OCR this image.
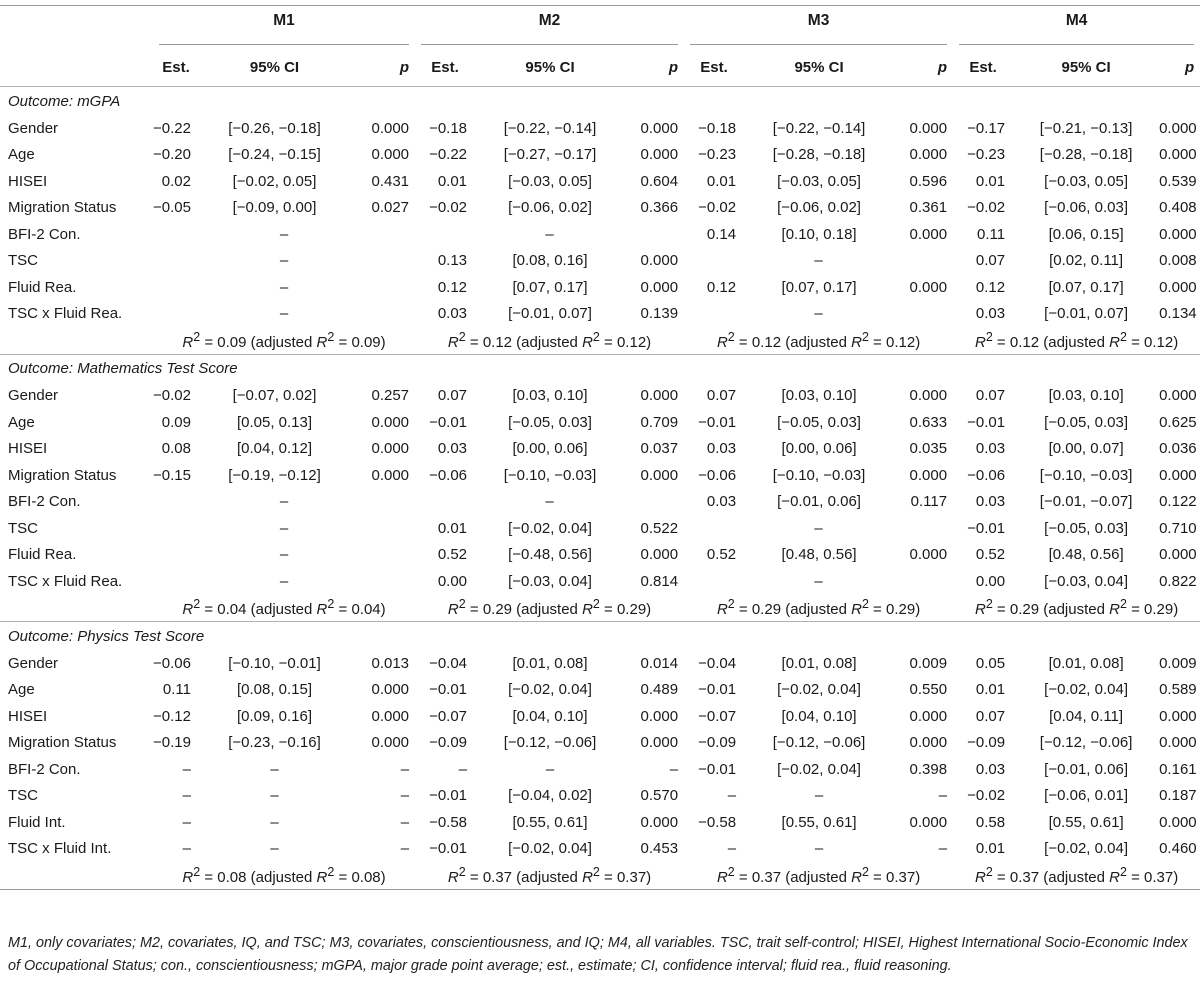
	M1			M2			M3			M4		

	Est.	95% CI	p	Est.	95% CI	p	Est.	95% CI	p	Est.	95% CI	p
Outcome: mGPA												
Gender	−0.22	[−0.26, −0.18]	0.000	−0.18	[−0.22, −0.14]	0.000	−0.18	[−0.22, −0.14]	0.000	−0.17	[−0.21, −0.13]	0.000
Age	−0.20	[−0.24, −0.15]	0.000	−0.22	[−0.27, −0.17]	0.000	−0.23	[−0.28, −0.18]	0.000	−0.23	[−0.28, −0.18]	0.000
HISEI	0.02	[−0.02, 0.05]	0.431	0.01	[−0.03, 0.05]	0.604	0.01	[−0.03, 0.05]	0.596	0.01	[−0.03, 0.05]	0.539
Migration Status	−0.05	[−0.09, 0.00]	0.027	−0.02	[−0.06, 0.02]	0.366	−0.02	[−0.06, 0.02]	0.361	−0.02	[−0.06, 0.03]	0.408
BFI-2 Con.	–			–			0.14	[0.10, 0.18]	0.000	0.11	[0.06, 0.15]	0.000
TSC	–			0.13	[0.08, 0.16]	0.000	–			0.07	[0.02, 0.11]	0.008
Fluid Rea.	–			0.12	[0.07, 0.17]	0.000	0.12	[0.07, 0.17]	0.000	0.12	[0.07, 0.17]	0.000
TSC x Fluid Rea.	–			0.03	[−0.01, 0.07]	0.139	–			0.03	[−0.01, 0.07]	0.134
	$R^2 = 0.09$ (adjusted $R^2 = 0.09$)			$R^2 = 0.12$ (adjusted $R^2 = 0.12$)			$R^2 = 0.12$ (adjusted $R^2 = 0.12$)			$R^2 = 0.12$ (adjusted $R^2 = 0.12$)		
Outcome: Mathematics Test Score												
Gender	−0.02	[−0.07, 0.02]	0.257	0.07	[0.03, 0.10]	0.000	0.07	[0.03, 0.10]	0.000	0.07	[0.03, 0.10]	0.000
Age	0.09	[0.05, 0.13]	0.000	−0.01	[−0.05, 0.03]	0.709	−0.01	[−0.05, 0.03]	0.633	−0.01	[−0.05, 0.03]	0.625
HISEI	0.08	[0.04, 0.12]	0.000	0.03	[0.00, 0.06]	0.037	0.03	[0.00, 0.06]	0.035	0.03	[0.00, 0.07]	0.036
Migration Status	−0.15	[−0.19, −0.12]	0.000	−0.06	[−0.10, −0.03]	0.000	−0.06	[−0.10, −0.03]	0.000	−0.06	[−0.10, −0.03]	0.000
BFI-2 Con.	–			–			0.03	[−0.01, 0.06]	0.117	0.03	[−0.01, −0.07]	0.122
TSC	–			0.01	[−0.02, 0.04]	0.522	–			−0.01	[−0.05, 0.03]	0.710
Fluid Rea.	–			0.52	[−0.48, 0.56]	0.000	0.52	[0.48, 0.56]	0.000	0.52	[0.48, 0.56]	0.000
TSC x Fluid Rea.	–			0.00	[−0.03, 0.04]	0.814	–			0.00	[−0.03, 0.04]	0.822
	$R^2 = 0.04$ (adjusted $R^2 = 0.04$)			$R^2 = 0.29$ (adjusted $R^2 = 0.29$)			$R^2 = 0.29$ (adjusted $R^2 = 0.29$)			$R^2 = 0.29$ (adjusted $R^2 = 0.29$)		
Outcome: Physics Test Score												
Gender	−0.06	[−0.10, −0.01]	0.013	−0.04	[0.01, 0.08]	0.014	−0.04	[0.01, 0.08]	0.009	0.05	[0.01, 0.08]	0.009
Age	0.11	[0.08, 0.15]	0.000	−0.01	[−0.02, 0.04]	0.489	−0.01	[−0.02, 0.04]	0.550	0.01	[−0.02, 0.04]	0.589
HISEI	−0.12	[0.09, 0.16]	0.000	−0.07	[0.04, 0.10]	0.000	−0.07	[0.04, 0.10]	0.000	0.07	[0.04, 0.11]	0.000
Migration Status	−0.19	[−0.23, −0.16]	0.000	−0.09	[−0.12, −0.06]	0.000	−0.09	[−0.12, −0.06]	0.000	−0.09	[−0.12, −0.06]	0.000
BFI-2 Con.	–	–	–	–	–	–	−0.01	[−0.02, 0.04]	0.398	0.03	[−0.01, 0.06]	0.161
TSC	–	–	–	−0.01	[−0.04, 0.02]	0.570	–	–	–	−0.02	[−0.06, 0.01]	0.187
Fluid Int.	–	–	–	−0.58	[0.55, 0.61]	0.000	−0.58	[0.55, 0.61]	0.000	0.58	[0.55, 0.61]	0.000
TSC x Fluid Int.	–	–	–	−0.01	[−0.02, 0.04]	0.453	–	–	–	0.01	[−0.02, 0.04]	0.460
	$R^2 = 0.08$ (adjusted $R^2 = 0.08$)			$R^2 = 0.37$ (adjusted $R^2 = 0.37$)			$R^2 = 0.37$ (adjusted $R^2 = 0.37$)			$R^2 = 0.37$ (adjusted $R^2 = 0.37$)		
M1, only covariates; M2, covariates, IQ, and TSC; M3, covariates, conscientiousness, and IQ; M4, all variables. TSC, trait self-control; HISEI, Highest International Socio-Economic Index of Occupational Status; con., conscientiousness; mGPA, major grade point average; est., estimate; CI, confidence interval; fluid rea., fluid reasoning.
